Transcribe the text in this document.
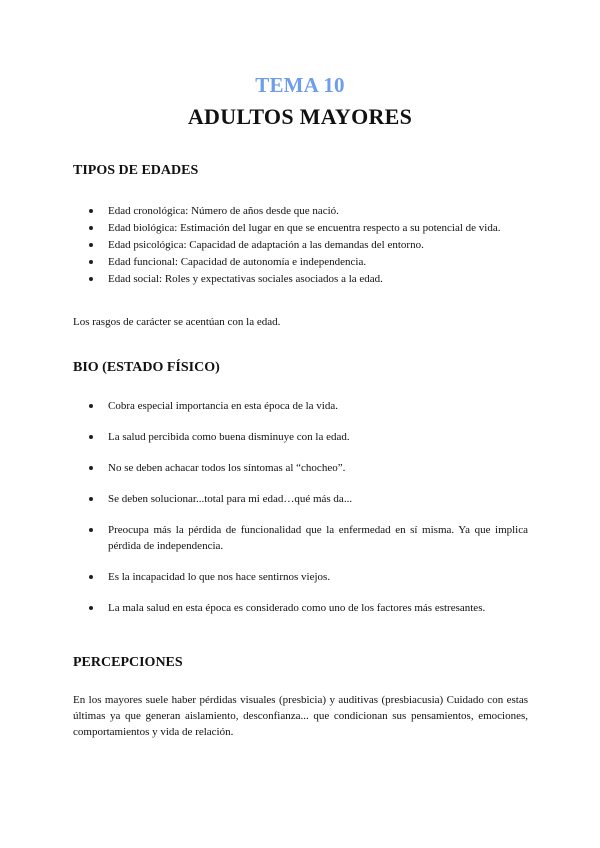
TEMA 10
ADULTOS MAYORES
TIPOS DE EDADES
Edad cronológica: Número de años desde que nació.
Edad biológica: Estimación del lugar en que se encuentra respecto a su potencial de vida.
Edad psicológica: Capacidad de adaptación a las demandas del entorno.
Edad funcional: Capacidad de autonomía e independencia.
Edad social: Roles y expectativas sociales asociados a la edad.

Los rasgos de carácter se acentúan con la edad.

BIO (ESTADO FÍSICO)
Cobra especial importancia en esta época de la vida.
La salud percibida como buena disminuye con la edad.
No se deben achacar todos los síntomas al “chocheo”.
Se deben solucionar...total para mi edad…qué más da...
Preocupa más la pérdida de funcionalidad que la enfermedad en sí misma. Ya que implica pérdida de independencia.
Es la incapacidad lo que nos hace sentirnos viejos.
La mala salud en esta época es considerado como uno de los factores más estresantes.
PERCEPCIONES

En los mayores suele haber pérdidas visuales (presbicia) y auditivas (presbiacusia) Cuidado con estas últimas ya que generan aislamiento, desconfianza... que condicionan sus pensamientos, emociones, comportamientos y vida de relación.
